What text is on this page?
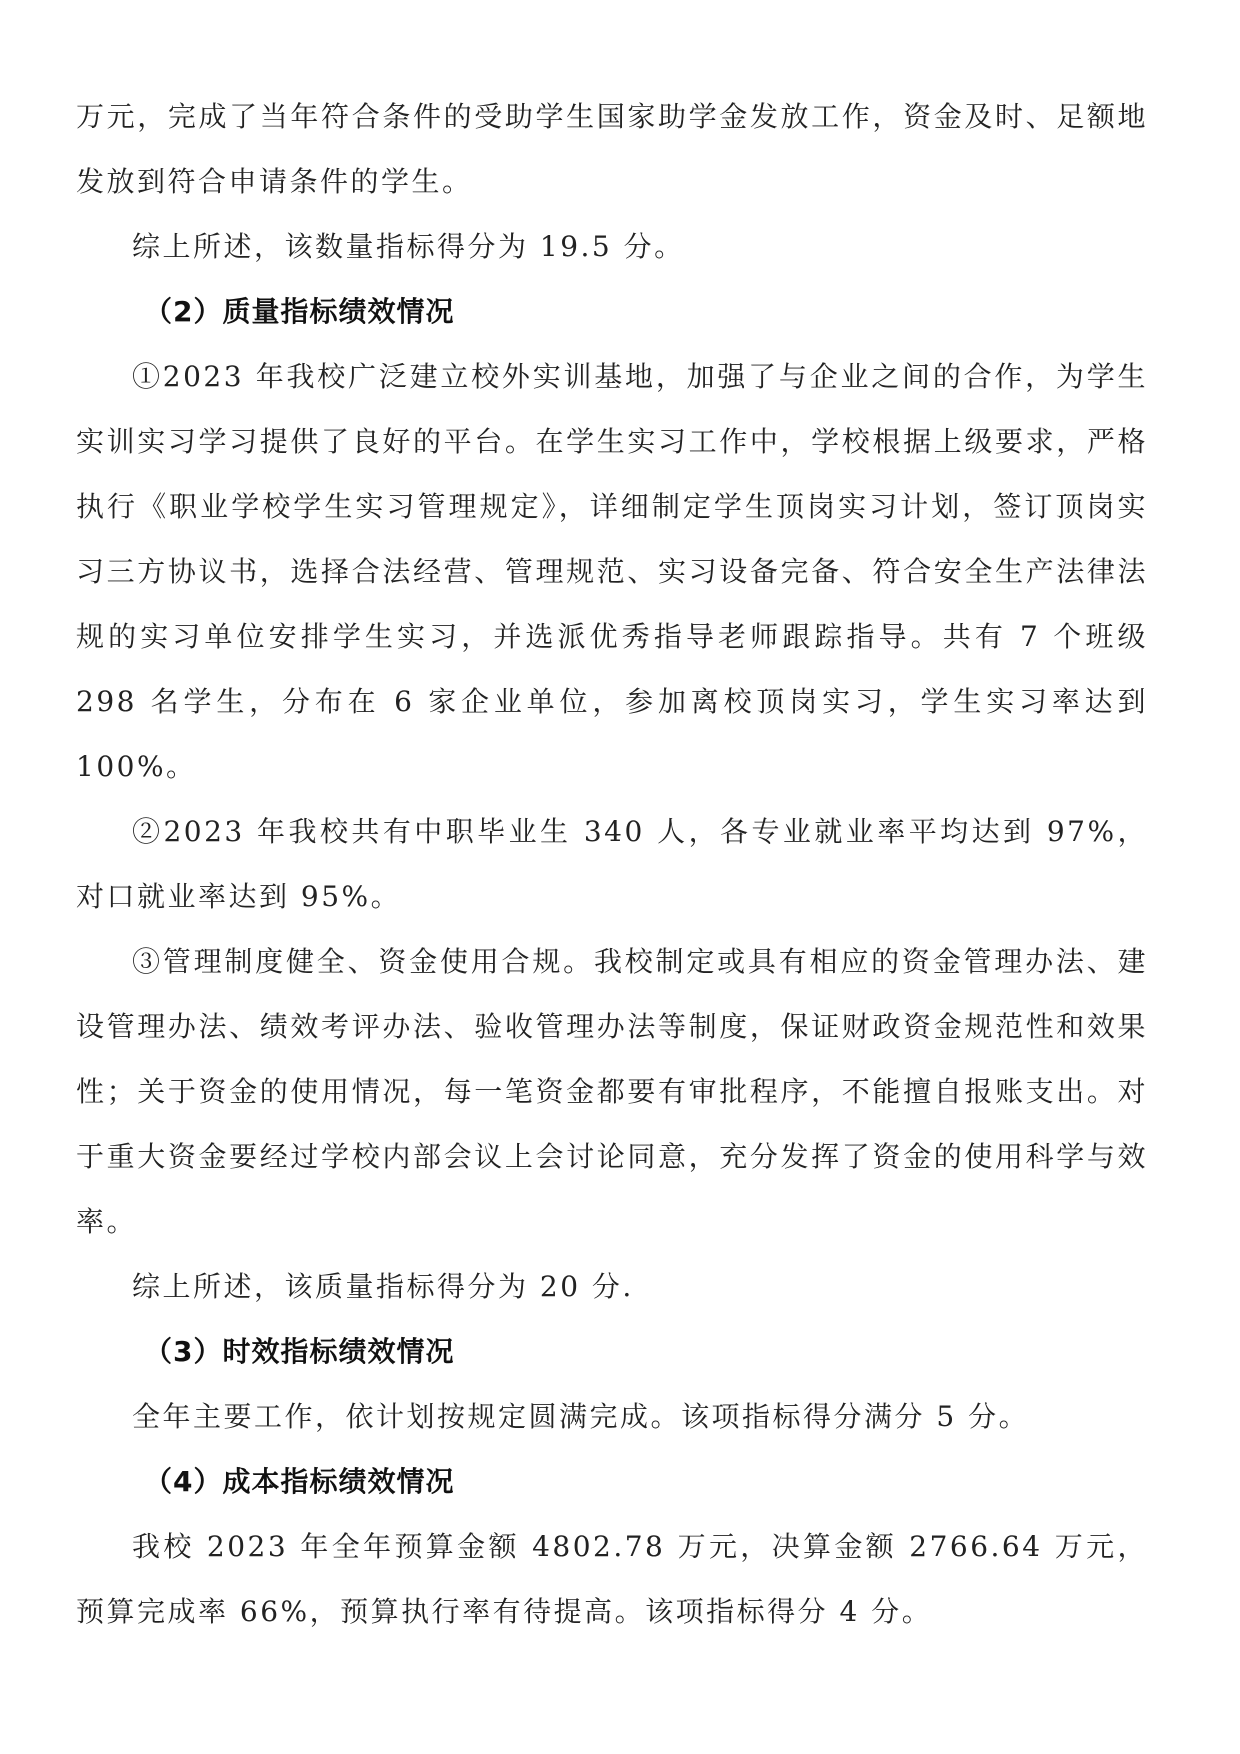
万元，完成了当年符合条件的受助学生国家助学金发放工作，资金及时、足额地发放到符合申请条件的学生。

综上所述，该数量指标得分为 19.5 分。

（2）质量指标绩效情况

①2023 年我校广泛建立校外实训基地，加强了与企业之间的合作，为学生实训实习学习提供了良好的平台。在学生实习工作中，学校根据上级要求，严格执行《职业学校学生实习管理规定》，详细制定学生顶岗实习计划，签订顶岗实习三方协议书，选择合法经营、管理规范、实习设备完备、符合安全生产法律法规的实习单位安排学生实习，并选派优秀指导老师跟踪指导。共有 7 个班级 298 名学生，分布在 6 家企业单位，参加离校顶岗实习，学生实习率达到 100%。

②2023 年我校共有中职毕业生 340 人，各专业就业率平均达到 97%，对口就业率达到 95%。

③管理制度健全、资金使用合规。我校制定或具有相应的资金管理办法、建设管理办法、绩效考评办法、验收管理办法等制度，保证财政资金规范性和效果性；关于资金的使用情况，每一笔资金都要有审批程序，不能擅自报账支出。对于重大资金要经过学校内部会议上会讨论同意，充分发挥了资金的使用科学与效率。

综上所述，该质量指标得分为 20 分.

（3）时效指标绩效情况

全年主要工作，依计划按规定圆满完成。该项指标得分满分 5 分。

（4）成本指标绩效情况

我校 2023 年全年预算金额 4802.78 万元，决算金额 2766.64 万元，预算完成率 66%，预算执行率有待提高。该项指标得分 4 分。
